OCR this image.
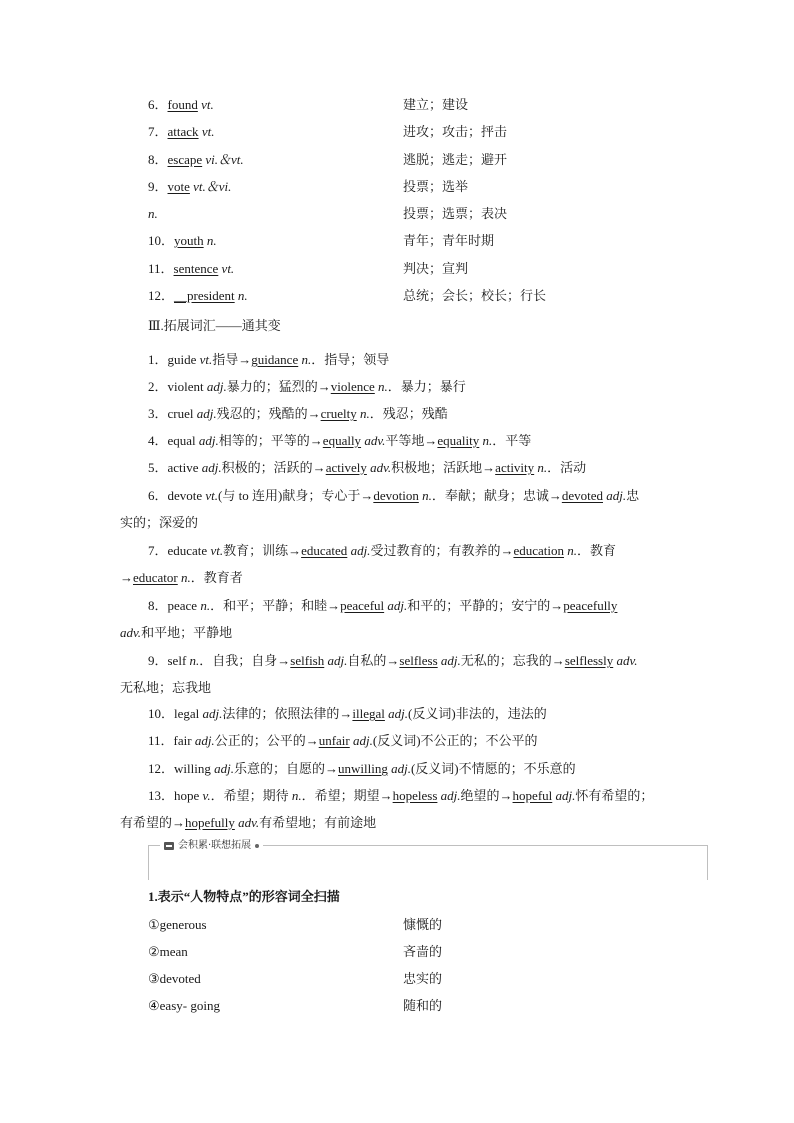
6．found vt.	建立；建设
7．attack vt.	进攻；攻击；抨击
8．escape vi.＆vt.	逃脱；逃走；避开
9．vote vt.＆vi.	投票；选举
n.	投票；选票；表决
10．youth n.	青年；青年时期
11．sentence vt.	判决；宣判
12．__president n.	总统；会长；校长；行长
Ⅲ.拓展词汇——通其变
1．guide vt.指导→guidance n.．指导；领导
2．violent adj.暴力的；猛烈的→violence n.．暴力；暴行
3．cruel adj.残忍的；残酷的→cruelty n.．残忍；残酷
4．equal adj.相等的；平等的→equally adv.平等地→equality n.．平等
5．active adj.积极的；活跃的→actively adv.积极地；活跃地→activity n.．活动
6．devote vt.(与 to 连用)献身；专心于→devotion n.．奉献；献身；忠诚→devoted adj.忠
实的；深爱的
7．educate vt.教育；训练→educated adj.受过教育的；有教养的→education n.．教育
→educator n.．教育者
8．peace n.．和平；平静；和睦→peaceful adj.和平的；平静的；安宁的→peacefully
adv.和平地；平静地
9．self n.．自我；自身→selfish adj.自私的→selfless adj.无私的；忘我的→selflessly adv.
无私地；忘我地
10．legal adj.法律的；依照法律的→illegal adj.(反义词)非法的，违法的
11．fair adj.公正的；公平的→unfair adj.(反义词)不公正的；不公平的
12．willing adj.乐意的；自愿的→unwilling adj.(反义词)不情愿的；不乐意的
13．hope v.．希望；期待 n.．希望；期望→hopeless adj.绝望的→hopeful adj.怀有希望的；
有希望的→hopefully adv.有希望地；有前途地
会积累·联想拓展
1.表示“人物特点”的形容词全扫描
①generous	慷慨的
②mean	吝啬的
③devoted	忠实的
④easy- going	随和的
